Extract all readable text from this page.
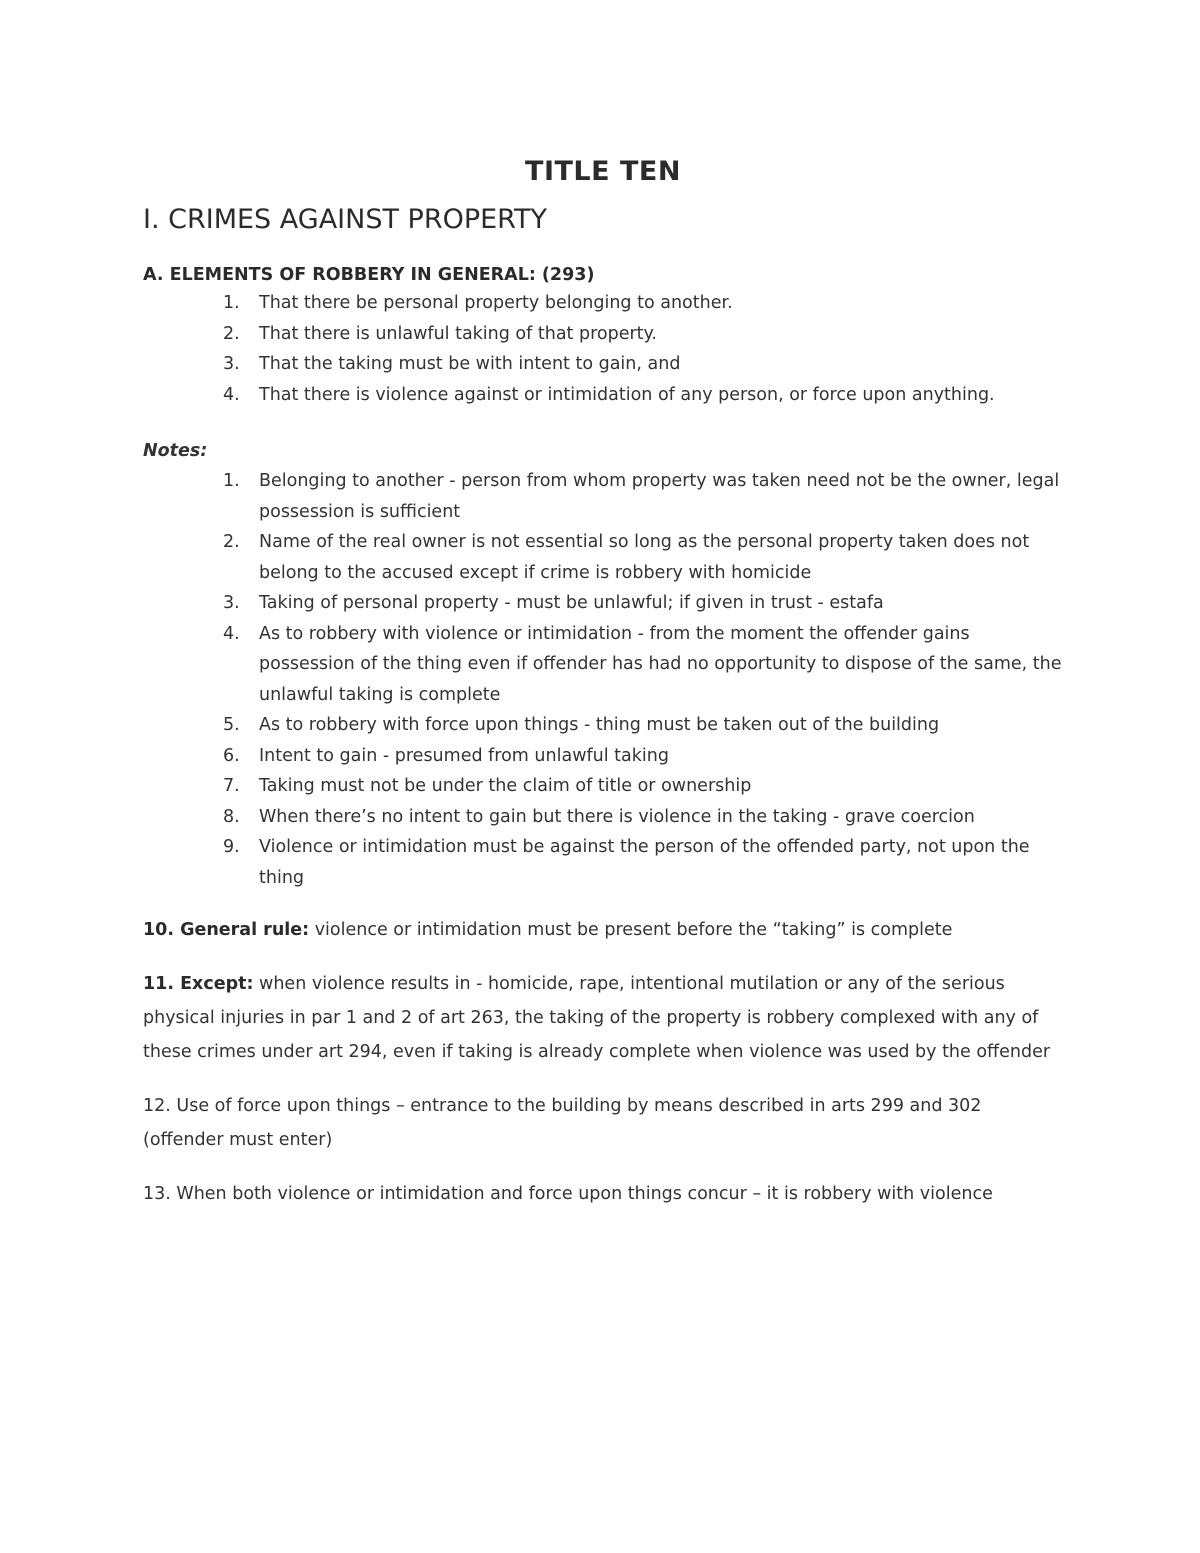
TITLE TEN
I. CRIMES AGAINST PROPERTY
A. ELEMENTS OF ROBBERY IN GENERAL: (293)
1.	That there be personal property belonging to another.
2.	That there is unlawful taking of that property.
3.	That the taking must be with intent to gain, and
4.	That there is violence against or intimidation of any person, or force upon anything.

Notes:

1.	Belonging to another - person from whom property was taken need not be the owner, legal possession is sufficient
2.	Name of the real owner is not essential so long as the personal property taken does not belong to the accused except if crime is robbery with homicide
3.	Taking of personal property - must be unlawful; if given in trust - estafa
4.	As to robbery with violence or intimidation - from the moment the offender gains possession of the thing even if offender has had no opportunity to dispose of the same, the unlawful taking is complete
5.	As to robbery with force upon things - thing must be taken out of the building
6.	Intent to gain - presumed from unlawful taking
7.	Taking must not be under the claim of title or ownership
8.	When there’s no intent to gain but there is violence in the taking - grave coercion
9.	Violence or intimidation must be against the person of the offended party, not upon the thing

10. General rule: violence or intimidation must be present before the “taking” is complete

11. Except: when violence results in - homicide, rape, intentional mutilation or any of the serious physical injuries in par 1 and 2 of art 263, the taking of the property is robbery complexed with any of these crimes under art 294, even if taking is already complete when violence was used by the offender

12. Use of force upon things – entrance to the building by means described in arts 299 and 302 (offender must enter)

13. When both violence or intimidation and force upon things concur – it is robbery with violence
